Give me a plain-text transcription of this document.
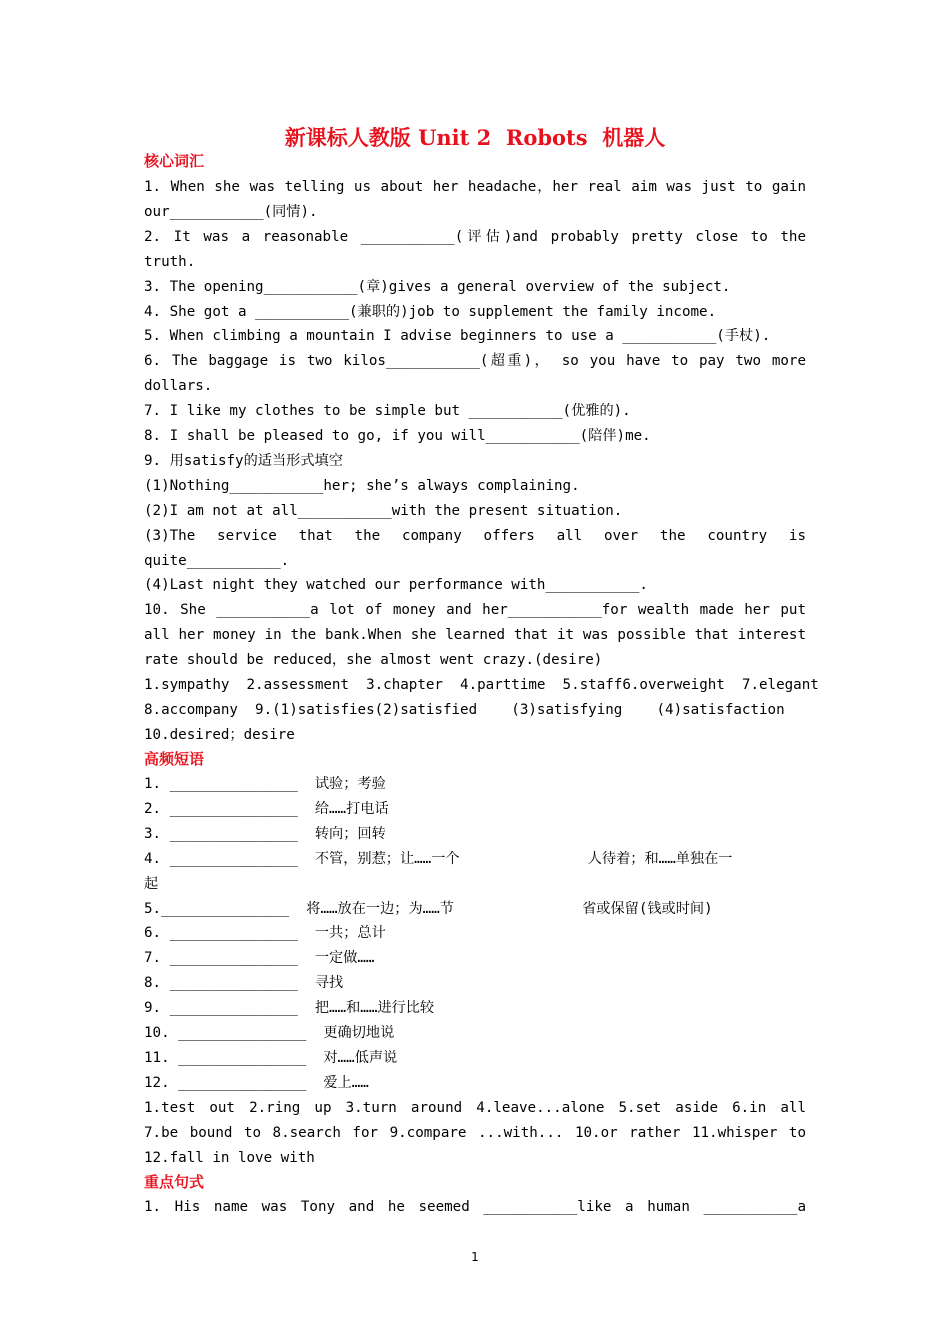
新课标人教版 Unit 2  Robots  机器人
核心词汇
1. When she was telling us about her headache，her real aim was just to gain
our___________(同情).
2. It was a reasonable ___________(评估)and probably pretty close to the
truth.
3. The opening___________(章)gives a general overview of the subject.
4. She got a ___________(兼职的)job to supplement the family income.
5. When climbing a mountain I advise beginners to use a ___________(手杖).
6. The baggage is two kilos___________(超重)， so you have to pay two more
dollars.
7. I like my clothes to be simple but ___________(优雅的).
8. I shall be pleased to go, if you will___________(陪伴)me.
9. 用satisfy的适当形式填空
(1)Nothing___________her; she’s always complaining.
(2)I am not at all___________with the present situation.
(3)The service that the company offers all over the country is
quite___________.
(4)Last night they watched our performance with___________.
10. She ___________a lot of money and her___________for wealth made her put
all her money in the bank.When she learned that it was possible that interest
rate should be reduced，she almost went crazy.(desire)
1.sympathy  2.assessment  3.chapter  4.parttime  5.staff6.overweight  7.elegant
8.accompany  9.(1)satisfies(2)satisfied    (3)satisfying    (4)satisfaction
10.desired；desire
高频短语
1. _______________  试验；考验
2. _______________  给……打电话
3. _______________  转向；回转
4. _______________  不管，别惹；让……一个               人待着；和……单独在一
起
5._______________  将……放在一边；为……节               省或保留(钱或时间)
6. _______________  一共；总计
7. _______________  一定做……
8. _______________  寻找
9. _______________  把……和……进行比较
10. _______________  更确切地说
11. _______________  对……低声说
12. _______________  爱上……
1.test out 2.ring up 3.turn around 4.leave...alone 5.set aside 6.in all
7.be bound to 8.search for 9.compare ...with... 10.or rather 11.whisper to
12.fall in love with
重点句式
1. His name was Tony and he seemed ___________like a human ___________a
1
